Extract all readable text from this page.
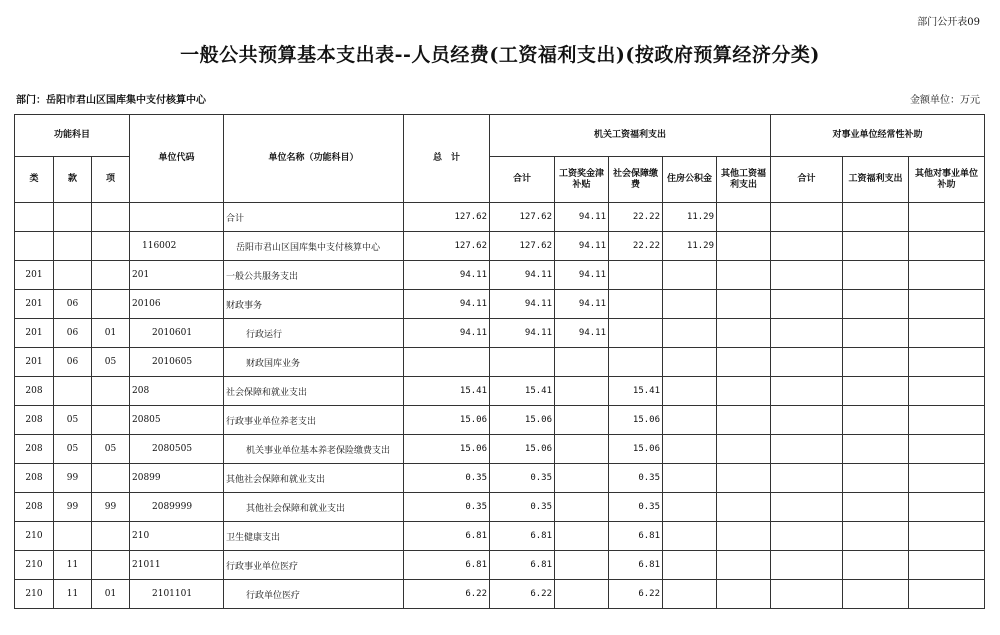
部门公开表09
一般公共预算基本支出表--人员经费(工资福利支出)(按政府预算经济分类)
部门：岳阳市君山区国库集中支付核算中心	金额单位：万元
功能科目			单位代码	单位名称（功能科目）	总　计	机关工资福利支出					对事业单位经常性补助		
类	款	项				合计	工资奖金津补贴	社会保障缴费	住房公积金	其他工资福利支出	合计	工资福利支出	其他对事业单位补助
				合计	127.62	127.62	94.11	22.22	11.29				
			116002	岳阳市君山区国库集中支付核算中心	127.62	127.62	94.11	22.22	11.29				
201			201	一般公共服务支出	94.11	94.11	94.11						
201	06		20106	财政事务	94.11	94.11	94.11						
201	06	01	2010601	行政运行	94.11	94.11	94.11						
201	06	05	2010605	财政国库业务									
208			208	社会保障和就业支出	15.41	15.41		15.41					
208	05		20805	行政事业单位养老支出	15.06	15.06		15.06					
208	05	05	2080505	机关事业单位基本养老保险缴费支出	15.06	15.06		15.06					
208	99		20899	其他社会保障和就业支出	0.35	0.35		0.35					
208	99	99	2089999	其他社会保障和就业支出	0.35	0.35		0.35					
210			210	卫生健康支出	6.81	6.81		6.81					
210	11		21011	行政事业单位医疗	6.81	6.81		6.81					
210	11	01	2101101	行政单位医疗	6.22	6.22		6.22					
